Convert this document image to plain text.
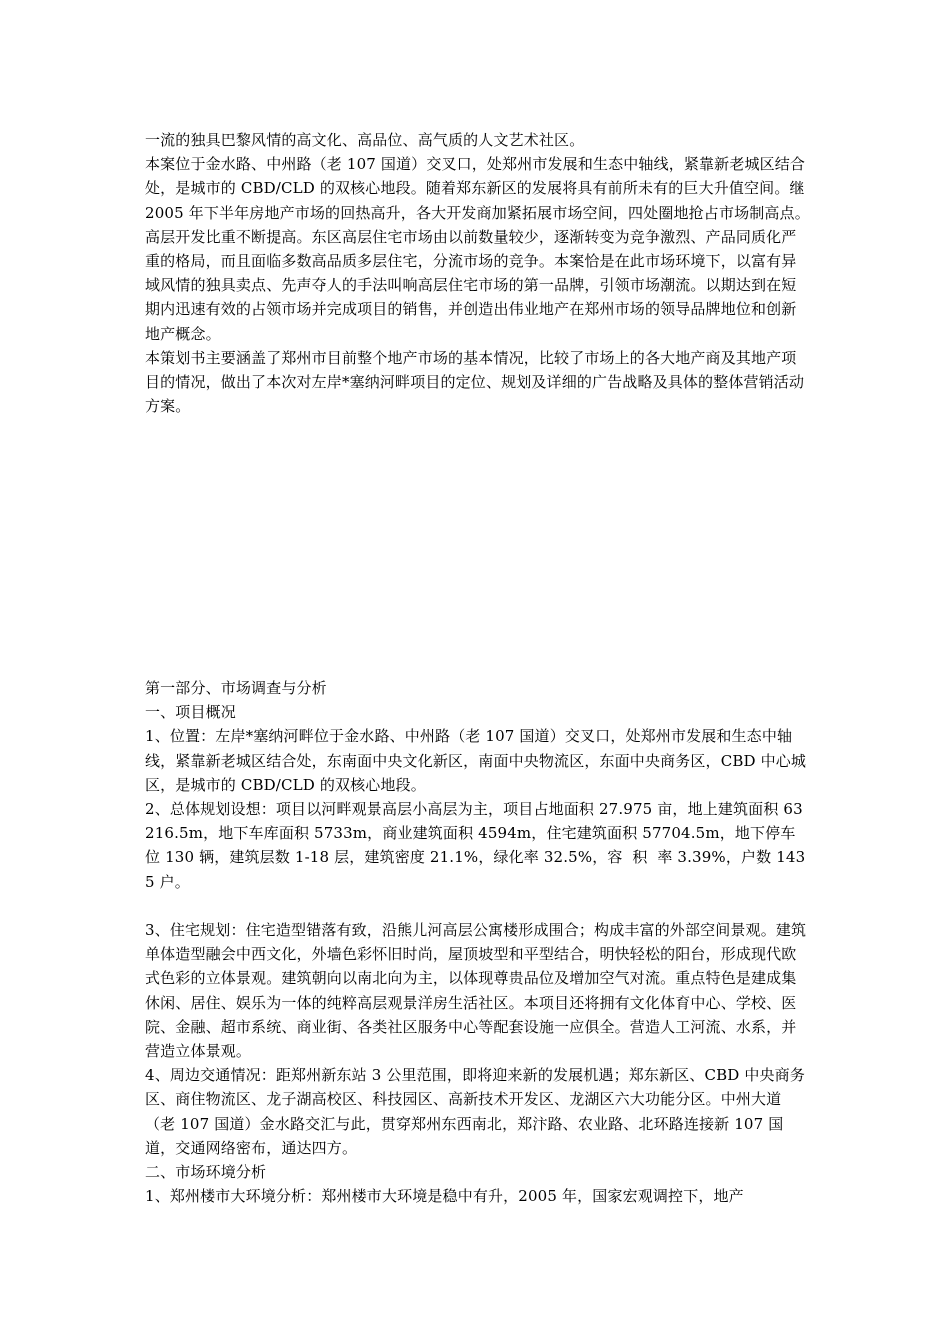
一流的独具巴黎风情的高文化、高品位、高气质的人文艺术社区。

本案位于金水路、中州路（老 107 国道）交叉口，处郑州市发展和生态中轴线，紧靠新老城区结合处，是城市的 CBD/CLD 的双核心地段。随着郑东新区的发展将具有前所未有的巨大升值空间。继 2005 年下半年房地产市场的回热高升，各大开发商加紧拓展市场空间，四处圈地抢占市场制高点。高层开发比重不断提高。东区高层住宅市场由以前数量较少，逐渐转变为竞争激烈、产品同质化严重的格局，而且面临多数高品质多层住宅，分流市场的竞争。本案恰是在此市场环境下，以富有异域风情的独具卖点、先声夺人的手法叫响高层住宅市场的第一品牌，引领市场潮流。以期达到在短期内迅速有效的占领市场并完成项目的销售，并创造出伟业地产在郑州市场的领导品牌地位和创新地产概念。

本策划书主要涵盖了郑州市目前整个地产市场的基本情况，比较了市场上的各大地产商及其地产项目的情况，做出了本次对左岸*塞纳河畔项目的定位、规划及详细的广告战略及具体的整体营销活动方案。

第一部分、市场调查与分析

一、项目概况

1、位置：左岸*塞纳河畔位于金水路、中州路（老 107 国道）交叉口，处郑州市发展和生态中轴线，紧靠新老城区结合处，东南面中央文化新区，南面中央物流区，东面中央商务区，CBD 中心城区，是城市的 CBD/CLD 的双核心地段。

2、总体规划设想：项目以河畔观景高层小高层为主，项目占地面积 27.975 亩，地上建筑面积 63216.5m，地下车库面积 5733m，商业建筑面积 4594m，住宅建筑面积 57704.5m，地下停车位 130 辆，建筑层数 1-18 层，建筑密度 21.1%，绿化率 32.5%，容  积  率 3.39%，户数 1435 户。

3、住宅规划：住宅造型错落有致，沿熊儿河高层公寓楼形成围合；构成丰富的外部空间景观。建筑单体造型融会中西文化，外墙色彩怀旧时尚，屋顶坡型和平型结合，明快轻松的阳台，形成现代欧式色彩的立体景观。建筑朝向以南北向为主，以体现尊贵品位及增加空气对流。重点特色是建成集休闲、居住、娱乐为一体的纯粹高层观景洋房生活社区。本项目还将拥有文化体育中心、学校、医院、金融、超市系统、商业街、各类社区服务中心等配套设施一应俱全。营造人工河流、水系，并营造立体景观。

4、周边交通情况：距郑州新东站 3 公里范围，即将迎来新的发展机遇；郑东新区、CBD 中央商务区、商住物流区、龙子湖高校区、科技园区、高新技术开发区、龙湖区六大功能分区。中州大道（老 107 国道）金水路交汇与此，贯穿郑州东西南北，郑汴路、农业路、北环路连接新 107 国道，交通网络密布，通达四方。

二、市场环境分析

1、郑州楼市大环境分析：郑州楼市大环境是稳中有升，2005 年，国家宏观调控下，地产
